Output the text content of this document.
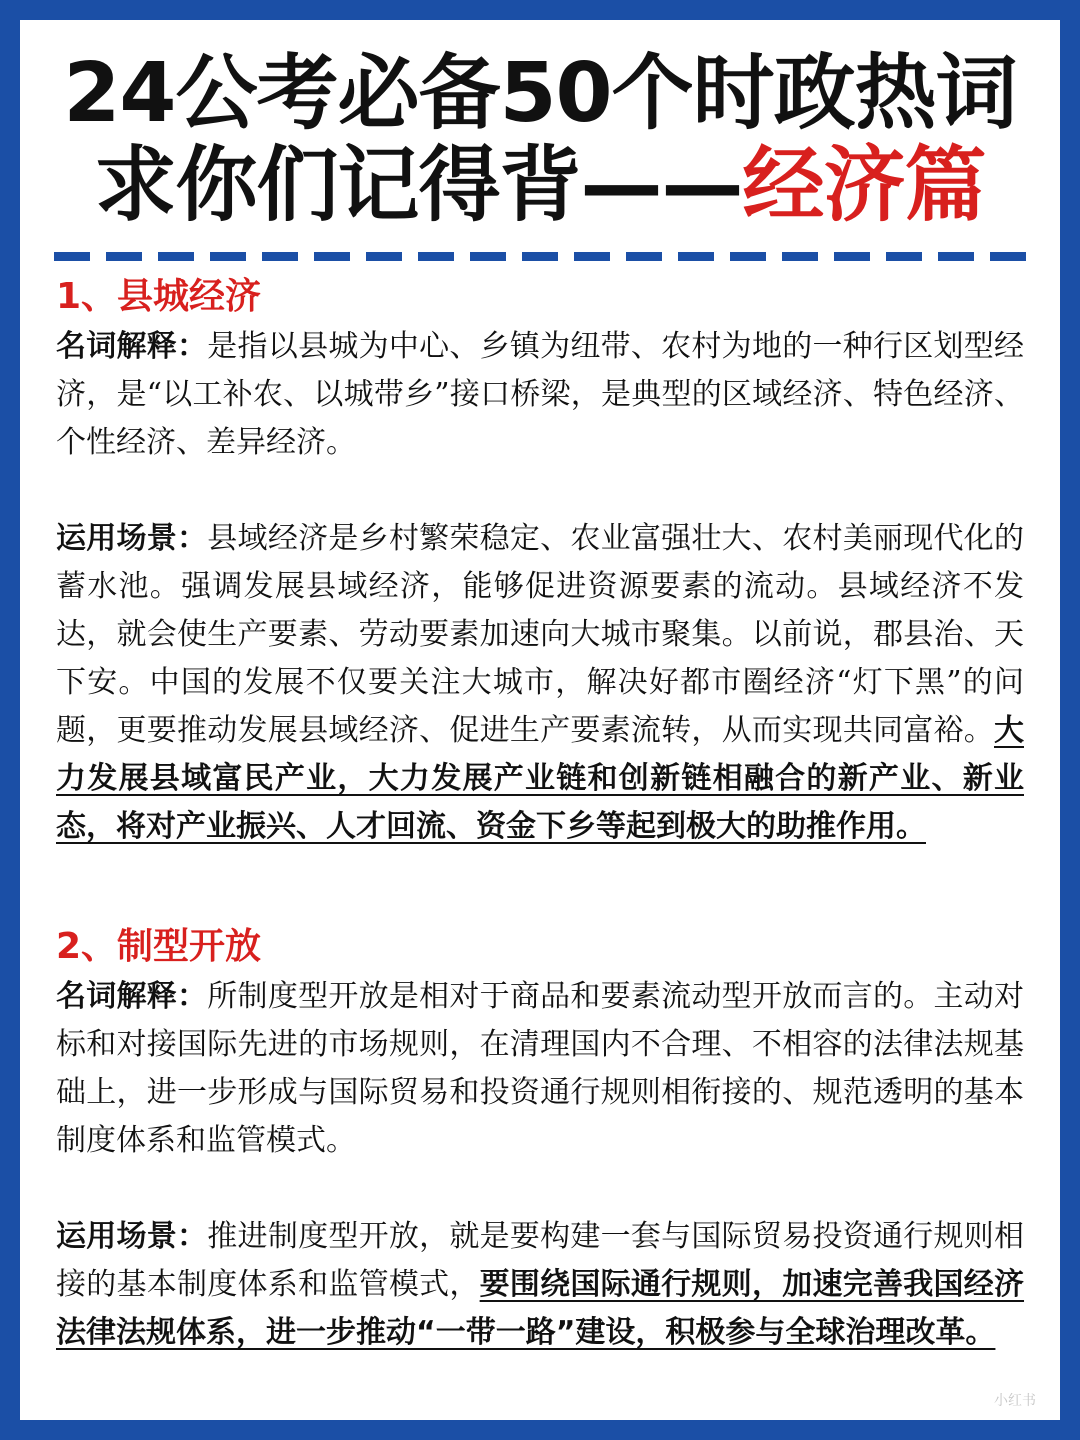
24公考必备50个时政热词
求你们记得背——经济篇
1、县城经济
名词解释：是指以县城为中心、乡镇为纽带、农村为地的一种行区划型经济，是“以工补农、以城带乡”接口桥梁，是典型的区域经济、特色经济、个性经济、差异经济。
运用场景：县域经济是乡村繁荣稳定、农业富强壮大、农村美丽现代化的蓄水池。强调发展县域经济，能够促进资源要素的流动。县域经济不发达，就会使生产要素、劳动要素加速向大城市聚集。以前说，郡县治、天下安。中国的发展不仅要关注大城市，解决好都市圈经济“灯下黑”的问题，更要推动发展县域经济、促进生产要素流转，从而实现共同富裕。大力发展县域富民产业，大力发展产业链和创新链相融合的新产业、新业态，将对产业振兴、人才回流、资金下乡等起到极大的助推作用。
2、制型开放
名词解释：所制度型开放是相对于商品和要素流动型开放而言的。主动对标和对接国际先进的市场规则，在清理国内不合理、不相容的法律法规基础上，进一步形成与国际贸易和投资通行规则相衔接的、规范透明的基本制度体系和监管模式。
运用场景：推进制度型开放，就是要构建一套与国际贸易投资通行规则相接的基本制度体系和监管模式，要围绕国际通行规则，加速完善我国经济法律法规体系，进一步推动“一带一路”建设，积极参与全球治理改革。
小红书
